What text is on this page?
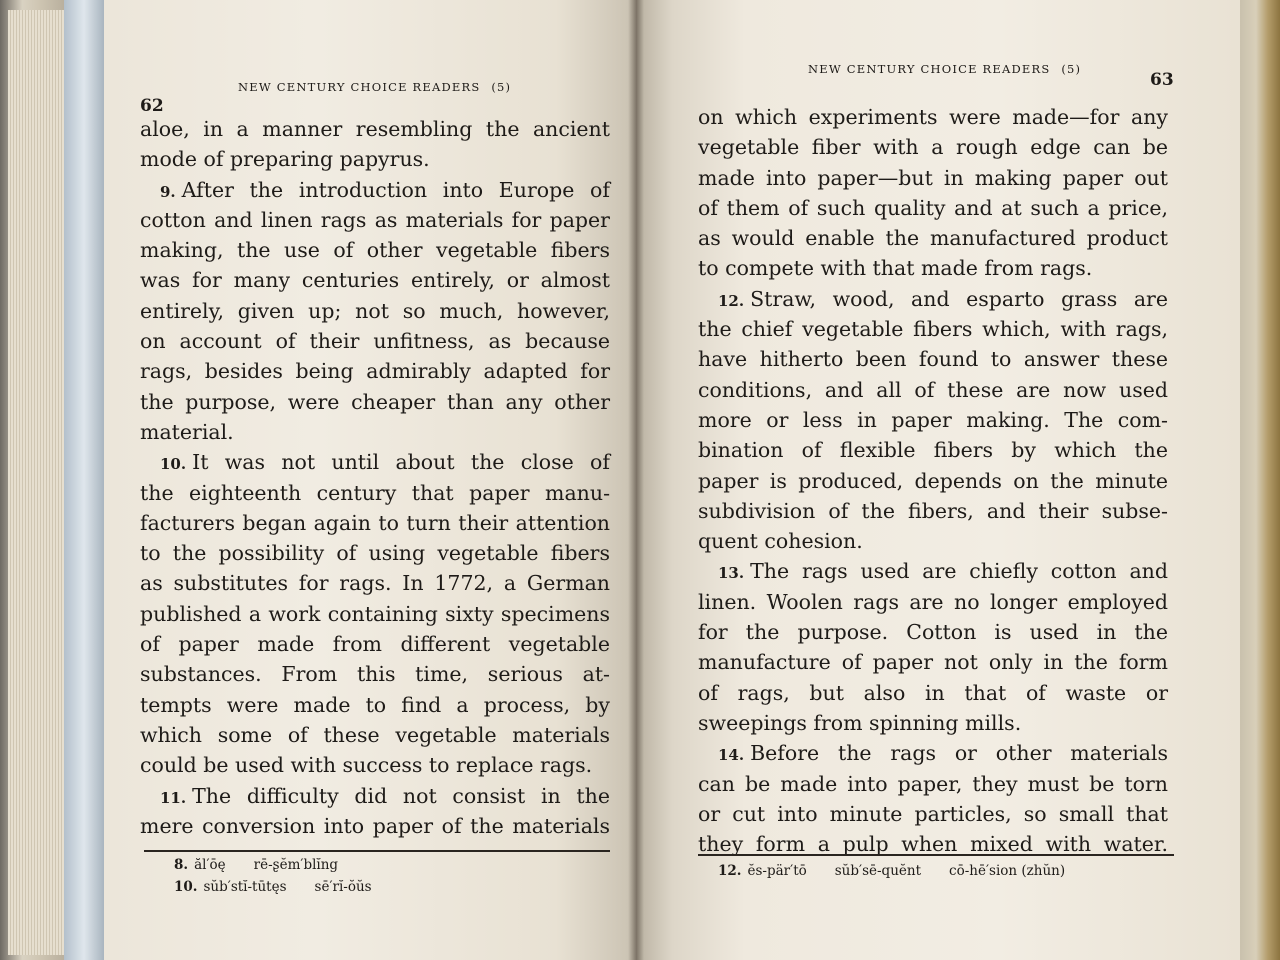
62
NEW CENTURY CHOICE READERS (5)
aloe, in a manner resembling the ancient
mode of preparing papyrus.
9. After the introduction into Europe of
cotton and linen rags as materials for paper
making, the use of other vegetable fibers
was for many centuries entirely, or almost
entirely, given up; not so much, however,
on account of their unfitness, as because
rags, besides being admirably adapted for
the purpose, were cheaper than any other
material.
10. It was not until about the close of
the eighteenth century that paper manu-
facturers began again to turn their attention
to the possibility of using vegetable fibers
as substitutes for rags. In 1772, a German
published a work containing sixty specimens
of paper made from different vegetable
substances. From this time, serious at-
tempts were made to find a process, by
which some of these vegetable materials
could be used with success to replace rags.
11. The difficulty did not consist in the
mere conversion into paper of the materials
8. ăl′ōę rē-ʂĕm′blĭng
10. sŭb′stĭ-tūtęs sē′rĭ-ŏŭs
NEW CENTURY CHOICE READERS (5)
63
on which experiments were made—for any
vegetable fiber with a rough edge can be
made into paper—but in making paper out
of them of such quality and at such a price,
as would enable the manufactured product
to compete with that made from rags.
12. Straw, wood, and esparto grass are
the chief vegetable fibers which, with rags,
have hitherto been found to answer these
conditions, and all of these are now used
more or less in paper making. The com-
bination of flexible fibers by which the
paper is produced, depends on the minute
subdivision of the fibers, and their subse-
quent cohesion.
13. The rags used are chiefly cotton and
linen. Woolen rags are no longer employed
for the purpose. Cotton is used in the
manufacture of paper not only in the form
of rags, but also in that of waste or
sweepings from spinning mills.
14. Before the rags or other materials
can be made into paper, they must be torn
or cut into minute particles, so small that
they form a pulp when mixed with water.
12. ĕs-pär′tō sŭb′sē-quĕnt cō-hē′sion (zhŭn)
